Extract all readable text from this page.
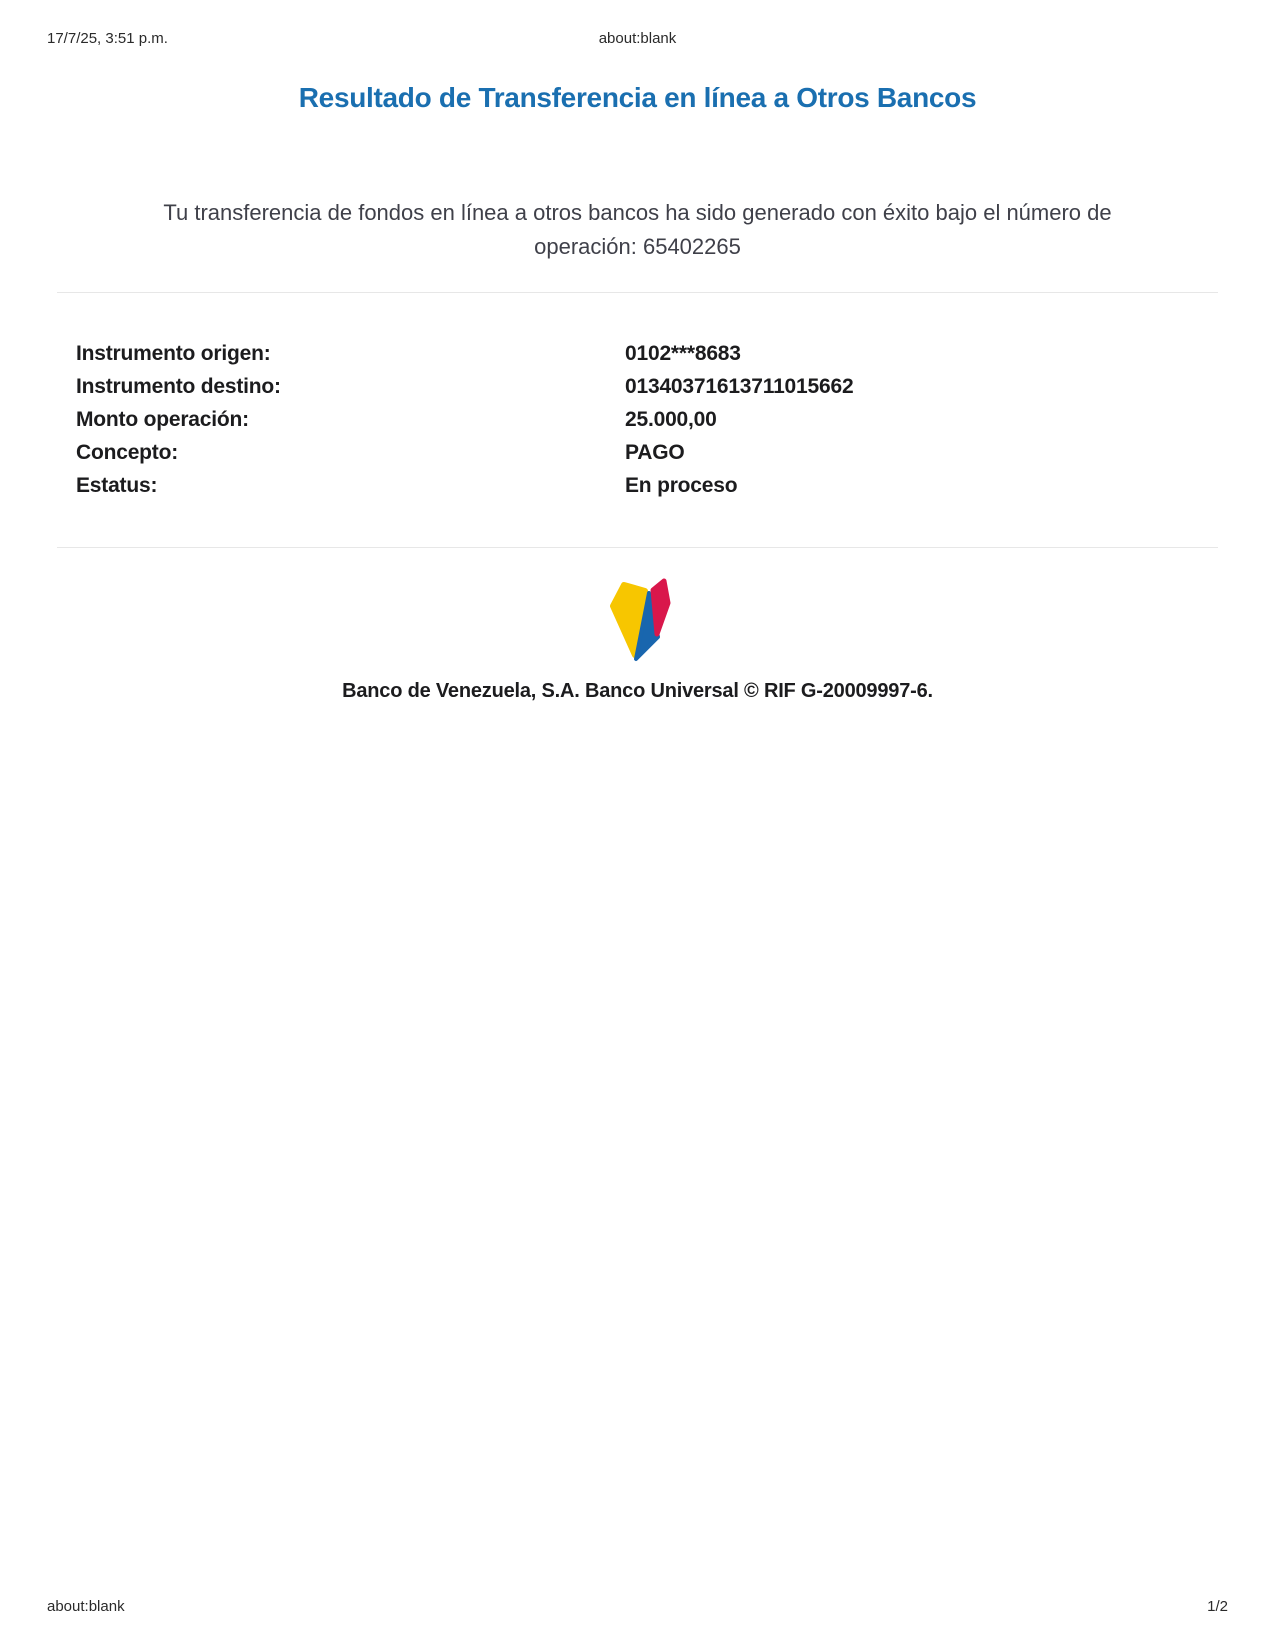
17/7/25, 3:51 p.m.	about:blank
Resultado de Transferencia en línea a Otros Bancos

Tu transferencia de fondos en línea a otros bancos ha sido generado con éxito bajo el número de
operación: 65402265

Instrumento origen:	0102***8683
Instrumento destino:	01340371613711015662
Monto operación:	25.000,00
Concepto:	PAGO
Estatus:	En proceso
Banco de Venezuela, S.A. Banco Universal © RIF G-20009997-6.
about:blank	1/2
